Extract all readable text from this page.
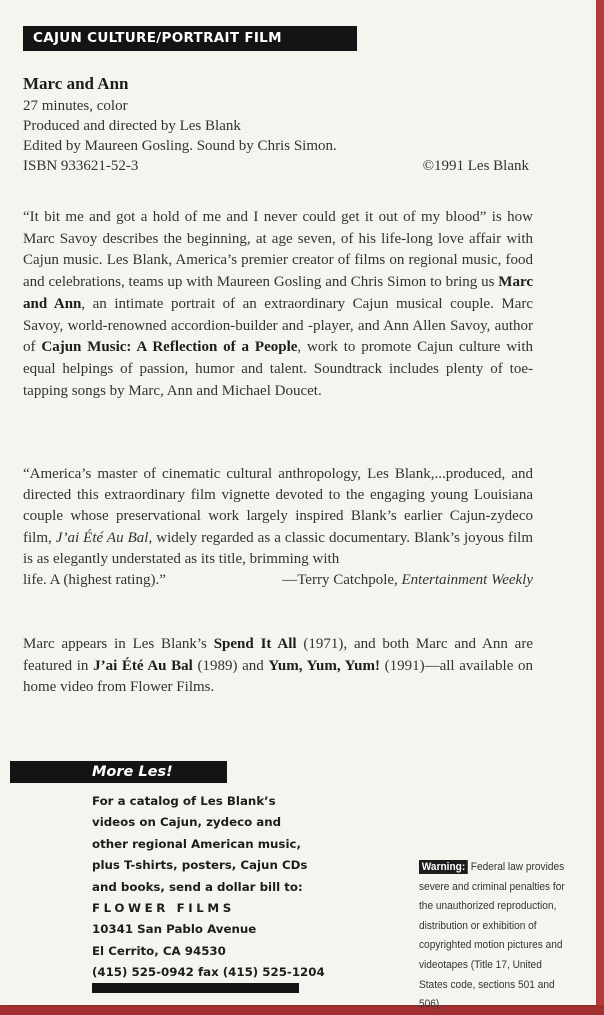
CAJUN CULTURE/PORTRAIT FILM
Marc and Ann
27 minutes, color
Produced and directed by Les Blank
Edited by Maureen Gosling. Sound by Chris Simon.
ISBN 933621-52-3	©1991 Les Blank
“It bit me and got a hold of me and I never could get it out of my blood” is how Marc Savoy describes the beginning, at age seven, of his life-long love affair with Cajun music. Les Blank, America’s premier creator of films on regional music, food and celebrations, teams up with Maureen Gosling and Chris Simon to bring us Marc and Ann, an intimate portrait of an extraordinary Cajun musical couple. Marc Savoy, world-renowned accordion-builder and -player, and Ann Allen Savoy, author of Cajun Music: A Reflection of a People, work to promote Cajun culture with equal helpings of passion, humor and talent. Soundtrack includes plenty of toe-tapping songs by Marc, Ann and Michael Doucet.
“America’s master of cinematic cultural anthropology, Les Blank,...produced, and directed this extraordinary film vignette devoted to the engaging young Louisiana couple whose preservational work largely inspired Blank’s earlier Cajun-zydeco film, J’ai Été Au Bal, widely regarded as a classic documentary. Blank’s joyous film is as elegantly understated as its title, brimming with
life. A (highest rating).”	—Terry Catchpole, Entertainment Weekly
Marc appears in Les Blank’s Spend It All (1971), and both Marc and Ann are featured in J’ai Été Au Bal (1989) and Yum, Yum, Yum! (1991)—all available on home video from Flower Films.
More Les!
For a catalog of Les Blank’s
videos on Cajun, zydeco and
other regional American music,
plus T-shirts, posters, Cajun CDs
and books, send a dollar bill to:
FLOWER FILMS
10341 San Pablo Avenue
El Cerrito, CA 94530
(415) 525-0942 fax (415) 525-1204
Warning: Federal law provides severe and criminal penalties for the unauthorized reproduction, distribution or exhibition of copyrighted motion pictures and videotapes (Title 17, United States code, sections 501 and 506).
